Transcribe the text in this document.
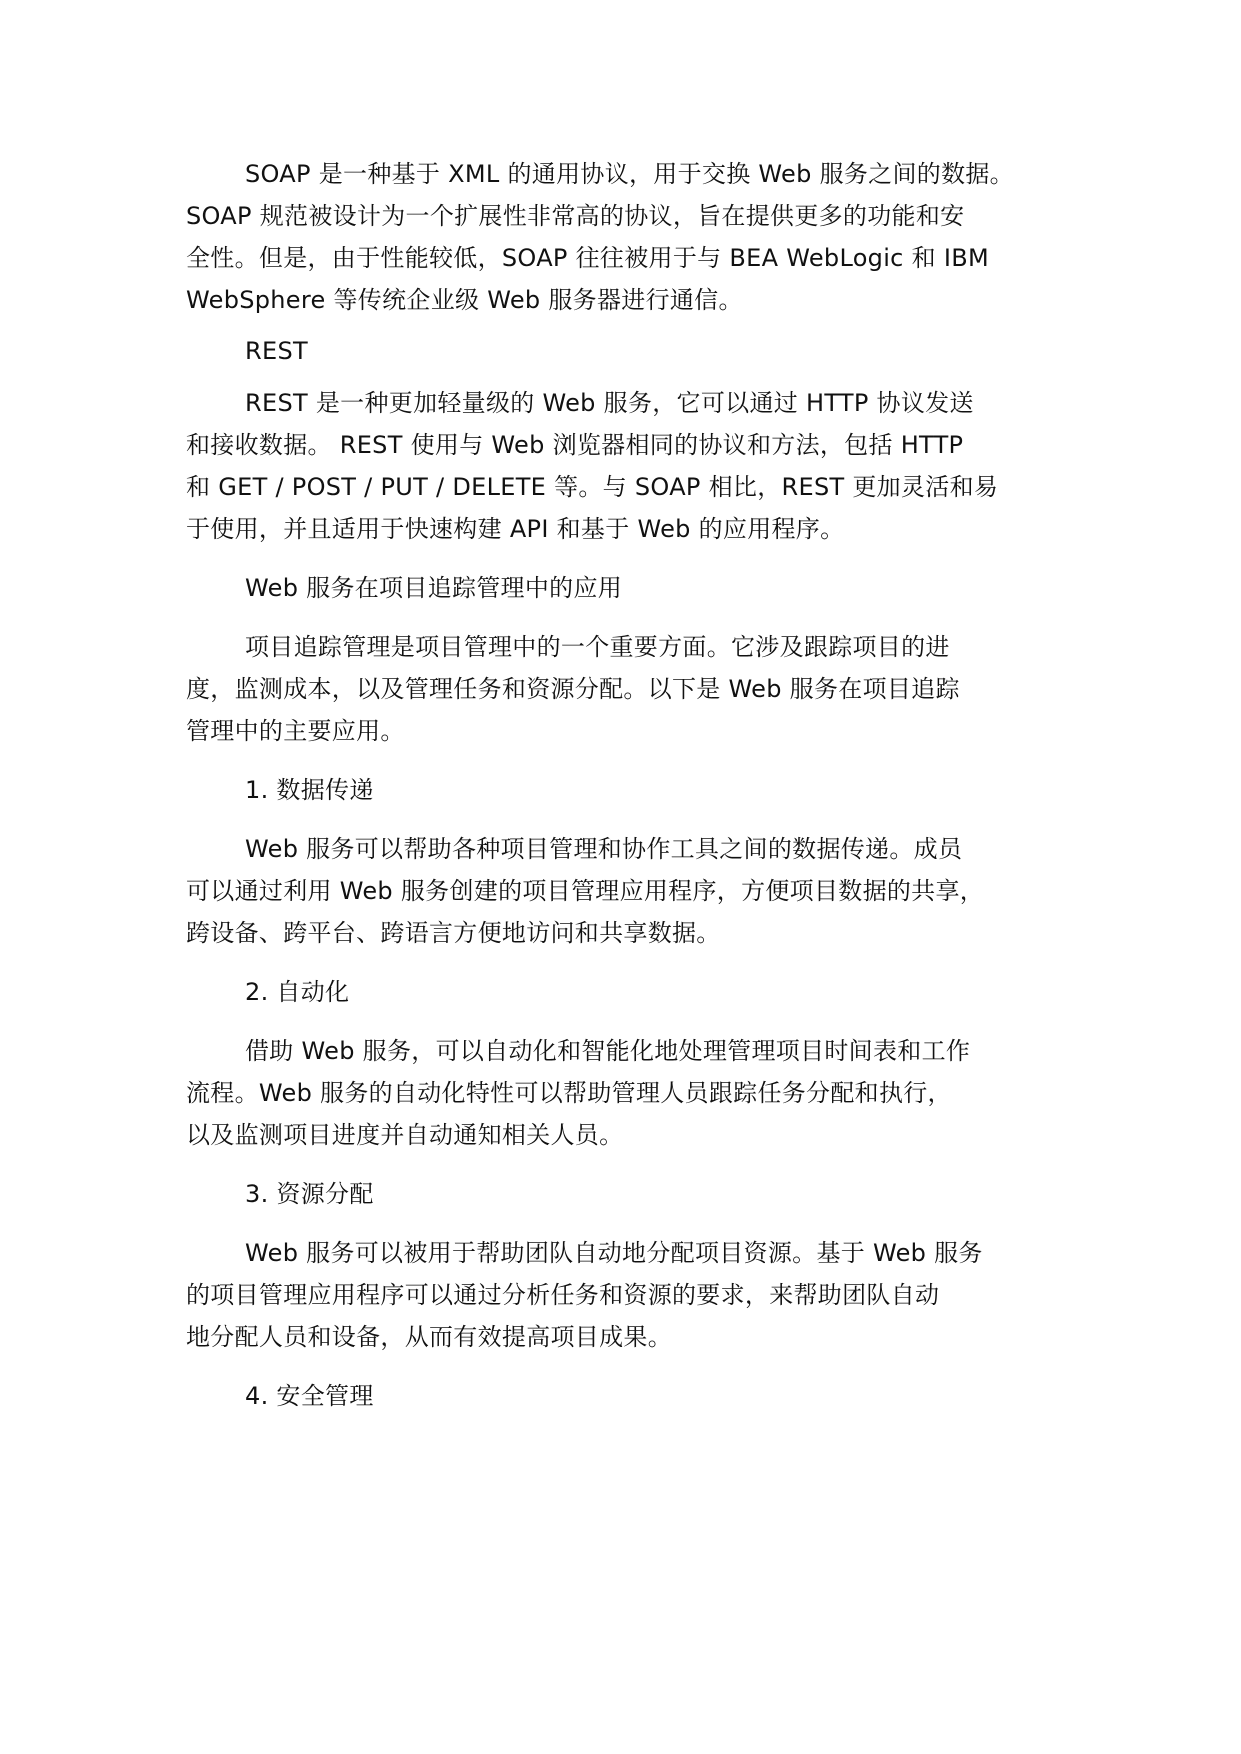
SOAP 是一种基于 XML 的通用协议，用于交换 Web 服务之间的数据。
SOAP 规范被设计为一个扩展性非常高的协议，旨在提供更多的功能和安
全性。但是，由于性能较低，SOAP 往往被用于与 BEA WebLogic 和 IBM
WebSphere 等传统企业级 Web 服务器进行通信。
REST
REST 是一种更加轻量级的 Web 服务，它可以通过 HTTP 协议发送
和接收数据。 REST 使用与 Web 浏览器相同的协议和方法，包括 HTTP
和 GET / POST / PUT / DELETE 等。与 SOAP 相比，REST 更加灵活和易
于使用，并且适用于快速构建 API 和基于 Web 的应用程序。
Web 服务在项目追踪管理中的应用
项目追踪管理是项目管理中的一个重要方面。它涉及跟踪项目的进
度，监测成本，以及管理任务和资源分配。以下是 Web 服务在项目追踪
管理中的主要应用。
1. 数据传递
Web 服务可以帮助各种项目管理和协作工具之间的数据传递。成员
可以通过利用 Web 服务创建的项目管理应用程序，方便项目数据的共享，
跨设备、跨平台、跨语言方便地访问和共享数据。
2. 自动化
借助 Web 服务，可以自动化和智能化地处理管理项目时间表和工作
流程。Web 服务的自动化特性可以帮助管理人员跟踪任务分配和执行，
以及监测项目进度并自动通知相关人员。
3. 资源分配
Web 服务可以被用于帮助团队自动地分配项目资源。基于 Web 服务
的项目管理应用程序可以通过分析任务和资源的要求，来帮助团队自动
地分配人员和设备，从而有效提高项目成果。
4. 安全管理
